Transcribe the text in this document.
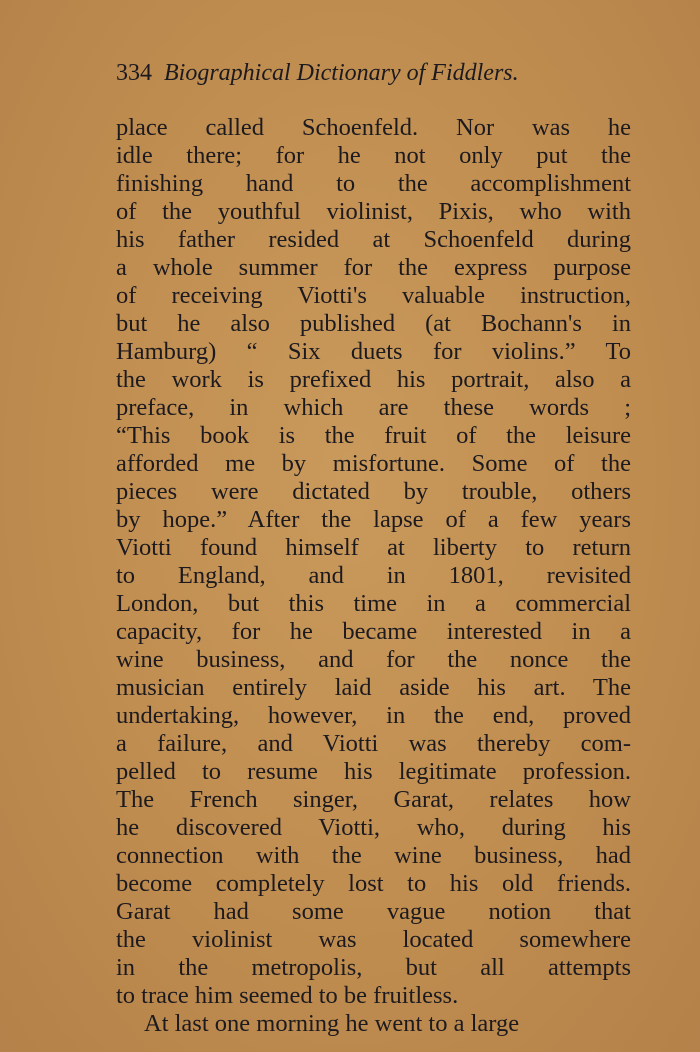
334 Biographical Dictionary of Fiddlers.
place called Schoenfeld. Nor was he
idle there; for he not only put the
finishing hand to the accomplishment
of the youthful violinist, Pixis, who with
his father resided at Schoenfeld during
a whole summer for the express purpose
of receiving Viotti's valuable instruction,
but he also published (at Bochann's in
Hamburg) “ Six duets for violins.” To
the work is prefixed his portrait, also a
preface, in which are these words ;
“This book is the fruit of the leisure
afforded me by misfortune. Some of the
pieces were dictated by trouble, others
by hope.” After the lapse of a few years
Viotti found himself at liberty to return
to England, and in 1801, revisited
London, but this time in a commercial
capacity, for he became interested in a
wine business, and for the nonce the
musician entirely laid aside his art. The
undertaking, however, in the end, proved
a failure, and Viotti was thereby com-
pelled to resume his legitimate profession.
The French singer, Garat, relates how
he discovered Viotti, who, during his
connection with the wine business, had
become completely lost to his old friends.
Garat had some vague notion that
the violinist was located somewhere
in the metropolis, but all attempts
to trace him seemed to be fruitless.
At last one morning he went to a large
